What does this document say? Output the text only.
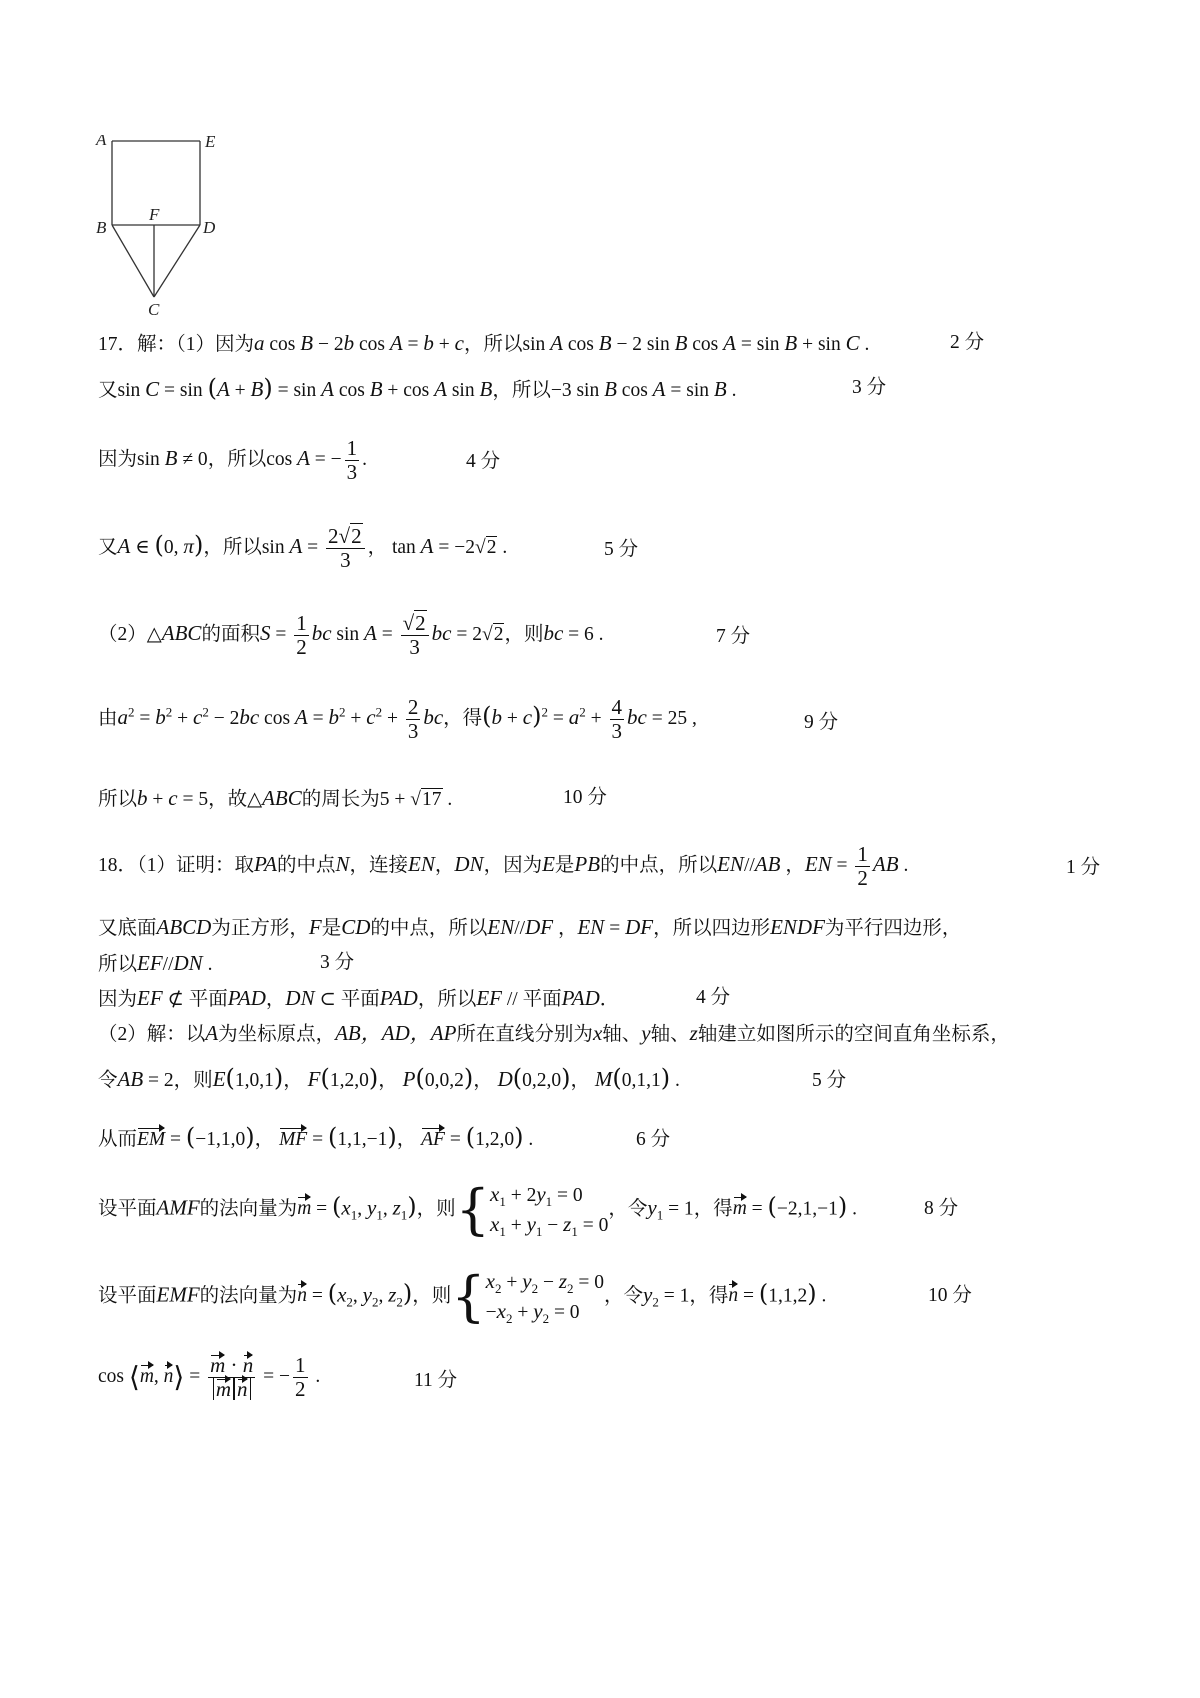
A	E
B
F
D
C
17．解：（1）因为a cos B − 2b cos A = b + c，所以sin A cos B − 2 sin B cos A = sin B + sin C .	2 分
又sin C = sin (A + B) = sin A cos B + cos A sin B，所以−3 sin B cos A = sin B .	3 分
因为sin B ≠ 0，所以cos A = − $\frac{1}{3}$ .	4 分
又A ∈ (0, π)，所以$\sin A = \frac{2√2}{3}$ ， tan A = −2√2 .	5 分
（2）△ABC的面积$S = \frac{1}{2}$ bc $\sin A = \frac{√2}{3}$ bc = 2√2，则bc = 6 .	7 分
由$a^2 = b^2 + c^2 - 2bc$ $\cos A = b^2 + c^2 + \frac{2}{3}$ bc，得$(b + c)^2 = a^2 + \frac{4}{3}$ bc = 25 ,	9 分
所以b + c = 5，故△ABC的周长为5 + √17 .	10 分
18．（1）证明：取PA的中点N，连接EN，DN，因为E是PB的中点，所以EN//AB ，EN = $\frac{1}{2}$ AB .	1 分
又底面ABCD为正方形，F是CD的中点，所以EN//DF ，EN = DF，所以四边形ENDF为平行四边形，
所以EF//DN .	3 分
因为EF ⊄ 平面PAD，DN ⊂ 平面PAD，所以EF // 平面PAD．	4 分
（2）解：以A为坐标原点，AB，AD，AP所在直线分别为x轴、y轴、z轴建立如图所示的空间直角坐标系，
令AB = 2，则E(1,0,1)， F(1,2,0)， P(0,0,2)， D(0,2,0)， M(0,1,1) .	5 分
从而EM = (−1,1,0)， MF = (1,1,−1)， AF = (1,2,0) .	6 分
设平面AMF的法向量为$m = (x_1$, $y_1$, $z_1$)，则{ $x_1 + 2y_1 = 0$
$x_1 + y_1 - z_1 = 0$
，令$y_1 = 1$，得m = (−2,1,−1) .	8 分
设平面EMF的法向量为$n = (x_2$, $y_2$, $z_2$)，则{ $x_2 + y_2 - z_2 = 0$
$-x_2 + y_2 = 0$
，令$y_2 = 1$，得n = (1,1,2) .	10 分
cos ⟨m, n⟩ = $\frac{m \cdot n}{\text{m n}}$ = − $\frac{1}{2}$ .	11 分
